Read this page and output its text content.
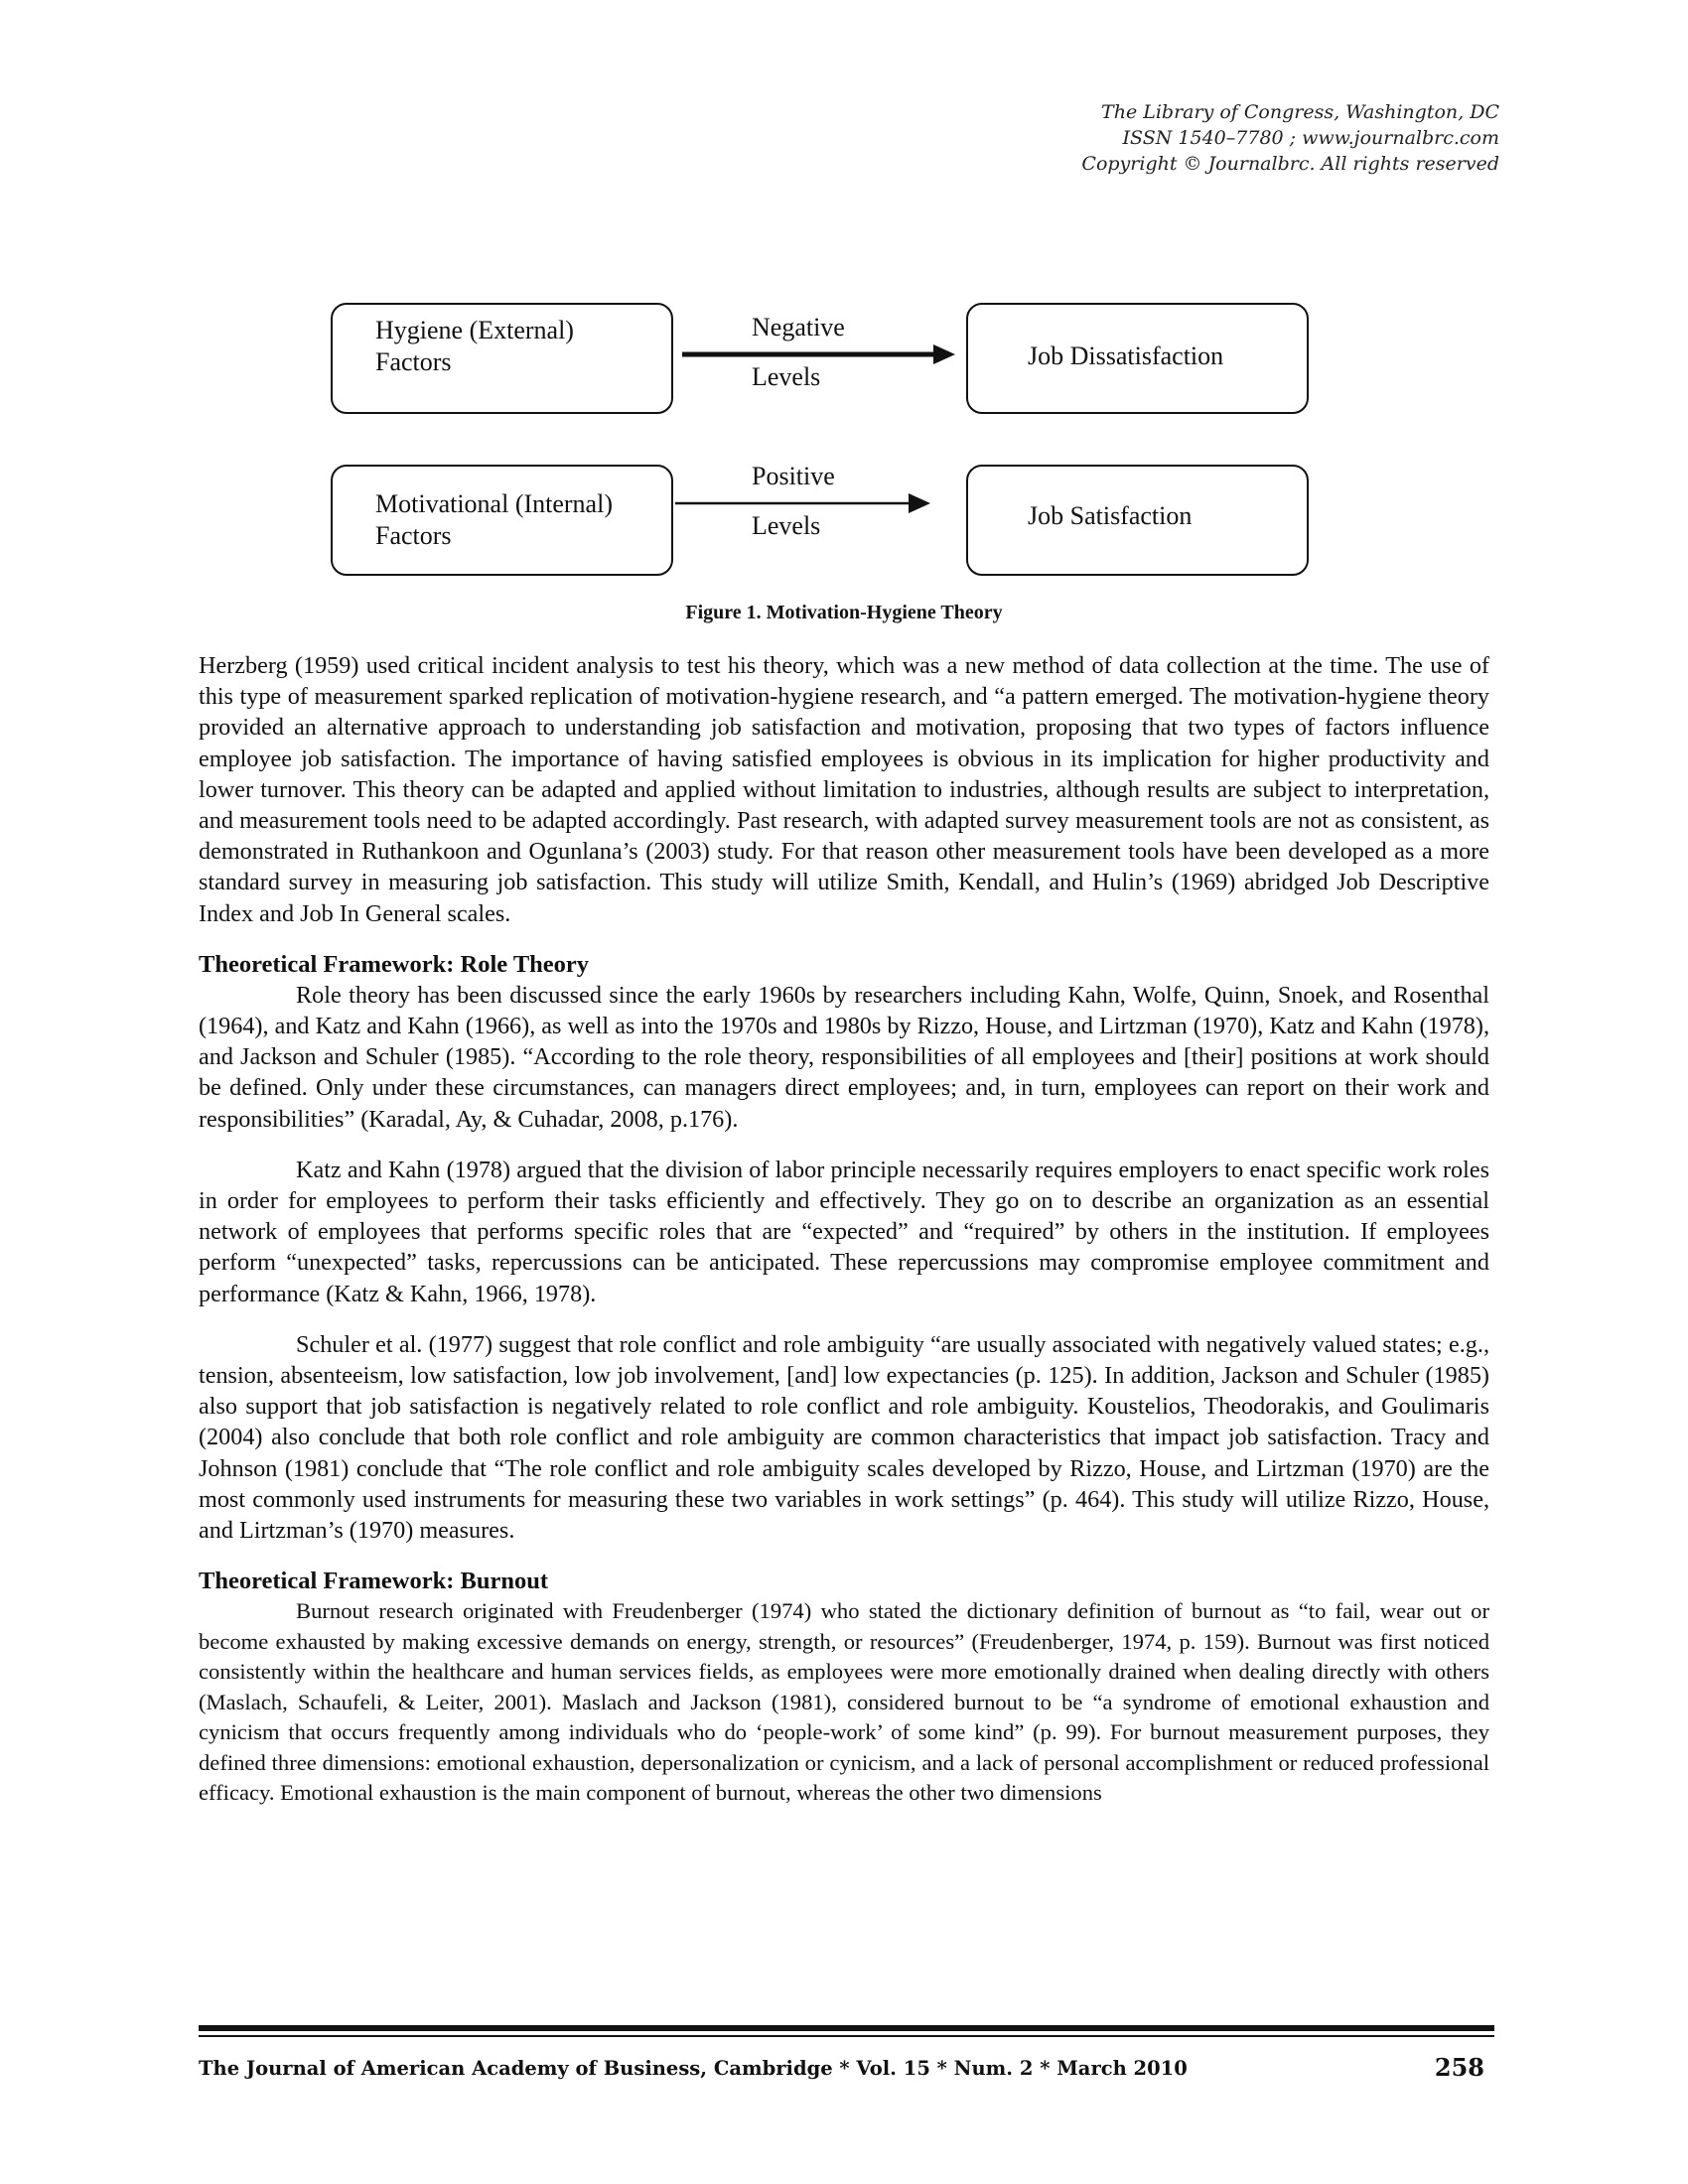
The Library of Congress, Washington, DC
ISSN 1540–7780 ; www.journalbrc.com
Copyright © Journalbrc. All rights reserved
Hygiene (External)
Factors
Negative
Levels
Job Dissatisfaction
Motivational (Internal)
Factors
Positive
Levels	Job Satisfaction
Figure 1. Motivation-Hygiene Theory

Herzberg (1959) used critical incident analysis to test his theory, which was a new method of data collection at the time. The use of this type of measurement sparked replication of motivation-hygiene research, and “a pattern emerged. The motivation-hygiene theory provided an alternative approach to understanding job satisfaction and motivation, proposing that two types of factors influence employee job satisfaction. The importance of having satisfied employees is obvious in its implication for higher productivity and lower turnover. This theory can be adapted and applied without limitation to industries, although results are subject to interpretation, and measurement tools need to be adapted accordingly. Past research, with adapted survey measurement tools are not as consistent, as demonstrated in Ruthankoon and Ogunlana’s (2003) study. For that reason other measurement tools have been developed as a more standard survey in measuring job satisfaction. This study will utilize Smith, Kendall, and Hulin’s (1969) abridged Job Descriptive Index and Job In General scales.

Theoretical Framework: Role Theory

Role theory has been discussed since the early 1960s by researchers including Kahn, Wolfe, Quinn, Snoek, and Rosenthal (1964), and Katz and Kahn (1966), as well as into the 1970s and 1980s by Rizzo, House, and Lirtzman (1970), Katz and Kahn (1978), and Jackson and Schuler (1985). “According to the role theory, responsibilities of all employees and [their] positions at work should be defined. Only under these circumstances, can managers direct employees; and, in turn, employees can report on their work and responsibilities” (Karadal, Ay, & Cuhadar, 2008, p.176).

Katz and Kahn (1978) argued that the division of labor principle necessarily requires employers to enact specific work roles in order for employees to perform their tasks efficiently and effectively. They go on to describe an organization as an essential network of employees that performs specific roles that are “expected” and “required” by others in the institution. If employees perform “unexpected” tasks, repercussions can be anticipated. These repercussions may compromise employee commitment and performance (Katz & Kahn, 1966, 1978).

Schuler et al. (1977) suggest that role conflict and role ambiguity “are usually associated with negatively valued states; e.g., tension, absenteeism, low satisfaction, low job involvement, [and] low expectancies (p. 125). In addition, Jackson and Schuler (1985) also support that job satisfaction is negatively related to role conflict and role ambiguity. Koustelios, Theodorakis, and Goulimaris (2004) also conclude that both role conflict and role ambiguity are common characteristics that impact job satisfaction. Tracy and Johnson (1981) conclude that “The role conflict and role ambiguity scales developed by Rizzo, House, and Lirtzman (1970) are the most commonly used instruments for measuring these two variables in work settings” (p. 464). This study will utilize Rizzo, House, and Lirtzman’s (1970) measures.

Theoretical Framework: Burnout

Burnout research originated with Freudenberger (1974) who stated the dictionary definition of burnout as “to fail, wear out or become exhausted by making excessive demands on energy, strength, or resources” (Freudenberger, 1974, p. 159). Burnout was first noticed consistently within the healthcare and human services fields, as employees were more emotionally drained when dealing directly with others (Maslach, Schaufeli, & Leiter, 2001). Maslach and Jackson (1981), considered burnout to be “a syndrome of emotional exhaustion and cynicism that occurs frequently among individuals who do ‘people-work’ of some kind” (p. 99). For burnout measurement purposes, they defined three dimensions: emotional exhaustion, depersonalization or cynicism, and a lack of personal accomplishment or reduced professional efficacy. Emotional exhaustion is the main component of burnout, whereas the other two dimensions

The Journal of American Academy of Business, Cambridge * Vol. 15 * Num. 2 * March 2010	258
